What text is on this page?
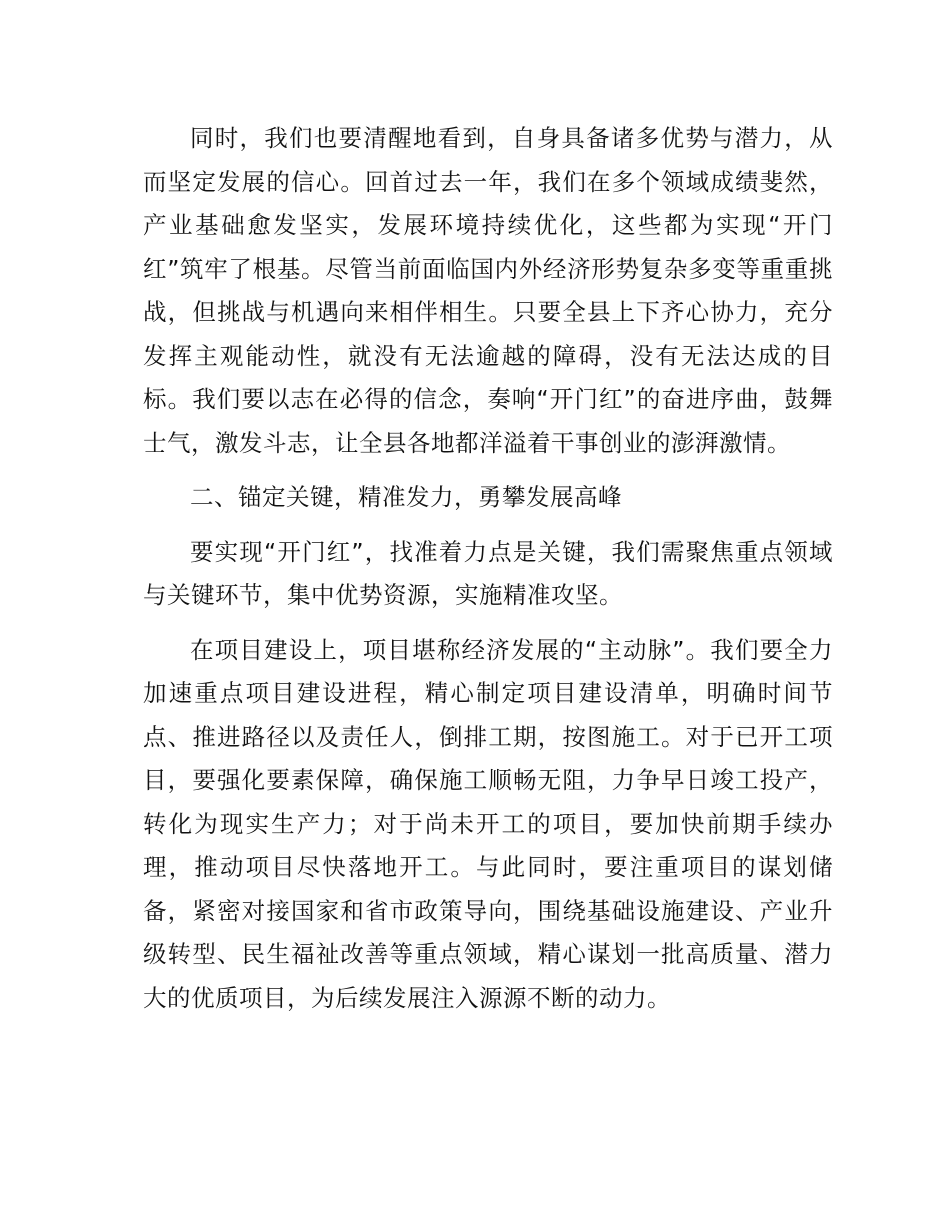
同时，我们也要清醒地看到，自身具备诸多优势与潜力，从而坚定发展的信心。回首过去一年，我们在多个领域成绩斐然，产业基础愈发坚实，发展环境持续优化，这些都为实现“开门红”筑牢了根基。尽管当前面临国内外经济形势复杂多变等重重挑战，但挑战与机遇向来相伴相生。只要全县上下齐心协力，充分发挥主观能动性，就没有无法逾越的障碍，没有无法达成的目标。我们要以志在必得的信念，奏响“开门红”的奋进序曲，鼓舞士气，激发斗志，让全县各地都洋溢着干事创业的澎湃激情。

二、锚定关键，精准发力，勇攀发展高峰

要实现“开门红”，找准着力点是关键，我们需聚焦重点领域与关键环节，集中优势资源，实施精准攻坚。

在项目建设上，项目堪称经济发展的“主动脉”。我们要全力加速重点项目建设进程，精心制定项目建设清单，明确时间节点、推进路径以及责任人，倒排工期，按图施工。对于已开工项目，要强化要素保障，确保施工顺畅无阻，力争早日竣工投产，转化为现实生产力；对于尚未开工的项目，要加快前期手续办理，推动项目尽快落地开工。与此同时，要注重项目的谋划储备，紧密对接国家和省市政策导向，围绕基础设施建设、产业升级转型、民生福祉改善等重点领域，精心谋划一批高质量、潜力大的优质项目，为后续发展注入源源不断的动力。
